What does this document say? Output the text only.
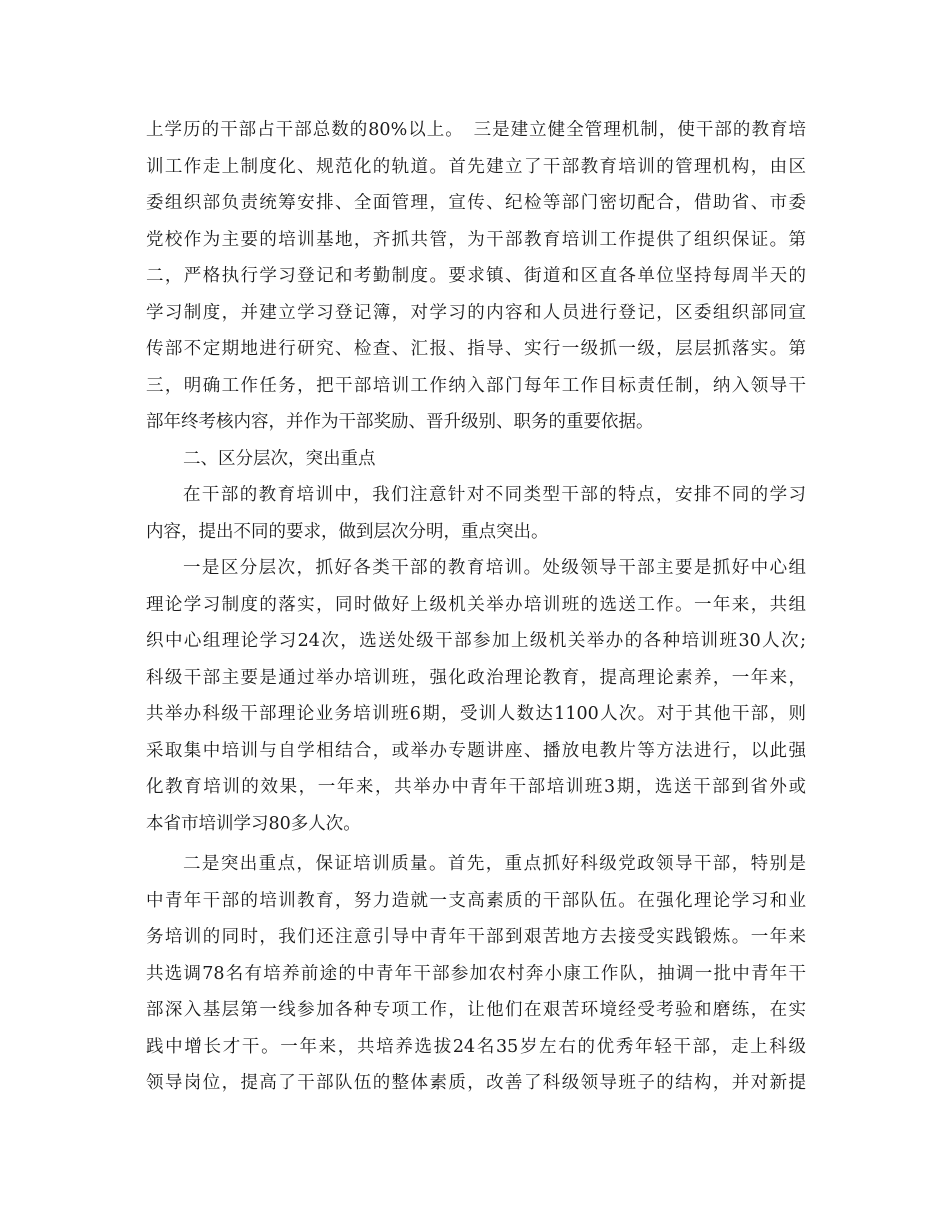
上学历的干部占干部总数的80%以上。　三是建立健全管理机制，使干部的教育培
训工作走上制度化、规范化的轨道。首先建立了干部教育培训的管理机构，由区
委组织部负责统筹安排、全面管理，宣传、纪检等部门密切配合，借助省、市委
党校作为主要的培训基地，齐抓共管，为干部教育培训工作提供了组织保证。第
二，严格执行学习登记和考勤制度。要求镇、街道和区直各单位坚持每周半天的
学习制度，并建立学习登记簿，对学习的内容和人员进行登记，区委组织部同宣
传部不定期地进行研究、检查、汇报、指导、实行一级抓一级，层层抓落实。第
三，明确工作任务，把干部培训工作纳入部门每年工作目标责任制，纳入领导干
部年终考核内容，并作为干部奖励、晋升级别、职务的重要依据。
二、区分层次，突出重点
在干部的教育培训中，我们注意针对不同类型干部的特点，安排不同的学习
内容，提出不同的要求，做到层次分明，重点突出。
一是区分层次，抓好各类干部的教育培训。处级领导干部主要是抓好中心组
理论学习制度的落实，同时做好上级机关举办培训班的选送工作。一年来，共组
织中心组理论学习24次，选送处级干部参加上级机关举办的各种培训班30人次;
科级干部主要是通过举办培训班，强化政治理论教育，提高理论素养，一年来，
共举办科级干部理论业务培训班6期，受训人数达1100人次。对于其他干部，则
采取集中培训与自学相结合，或举办专题讲座、播放电教片等方法进行，以此强
化教育培训的效果，一年来，共举办中青年干部培训班3期，选送干部到省外或
本省市培训学习80多人次。
二是突出重点，保证培训质量。首先，重点抓好科级党政领导干部，特别是
中青年干部的培训教育，努力造就一支高素质的干部队伍。在强化理论学习和业
务培训的同时，我们还注意引导中青年干部到艰苦地方去接受实践锻炼。一年来
共选调78名有培养前途的中青年干部参加农村奔小康工作队，抽调一批中青年干
部深入基层第一线参加各种专项工作，让他们在艰苦环境经受考验和磨练，在实
践中增长才干。一年来，共培养选拔24名35岁左右的优秀年轻干部，走上科级
领导岗位，提高了干部队伍的整体素质，改善了科级领导班子的结构，并对新提
